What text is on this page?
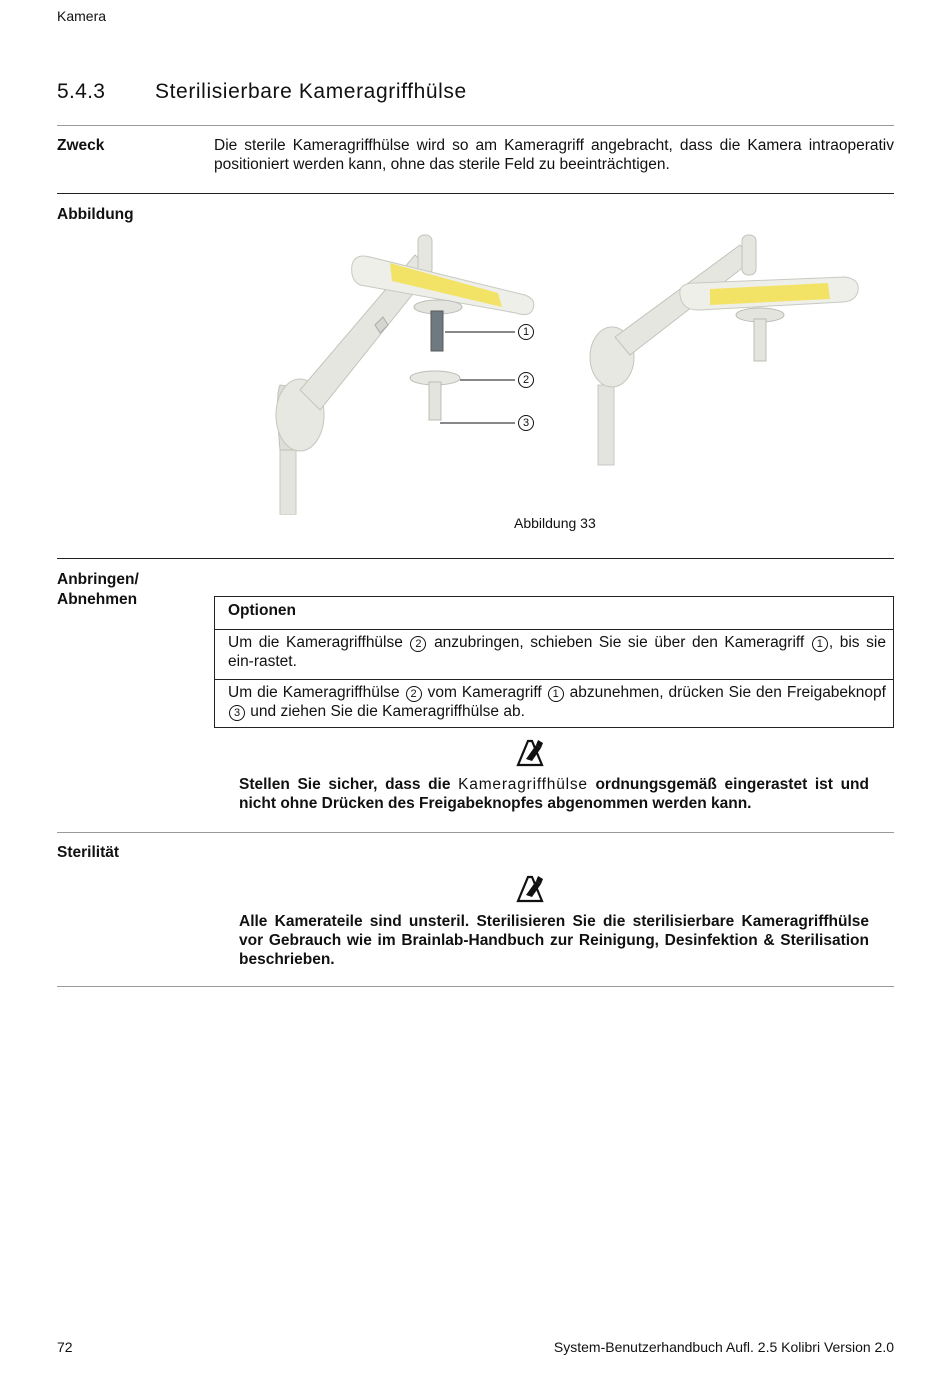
Kamera
5.4.3 Sterilisierbare Kameragriffhülse
Zweck	Die sterile Kameragriffhülse wird so am Kameragriff angebracht, dass die Kamera intraoperativ positioniert werden kann, ohne das sterile Feld zu beeinträchtigen.
Abbildung
1
2
3
Abbildung 33
Anbringen/
Abnehmen
Optionen
Um die Kameragriffhülse 2 anzubringen, schieben Sie sie über den Kameragriff 1 , bis sie ein-rastet.
Um die Kameragriffhülse 2 vom Kameragriff 1 abzunehmen, drücken Sie den Freigabeknopf 3 und ziehen Sie die Kameragriffhülse ab.
Stellen Sie sicher, dass die Kameragriffhülse ordnungsgemäß eingerastet ist und nicht ohne Drücken des Freigabeknopfes abgenommen werden kann.
Sterilität
Alle Kamerateile sind unsteril. Sterilisieren Sie die sterilisierbare Kameragriffhülse vor Gebrauch wie im Brainlab-Handbuch zur Reinigung, Desinfektion & Sterilisation beschrieben.
72	System-Benutzerhandbuch Aufl. 2.5 Kolibri Version 2.0
